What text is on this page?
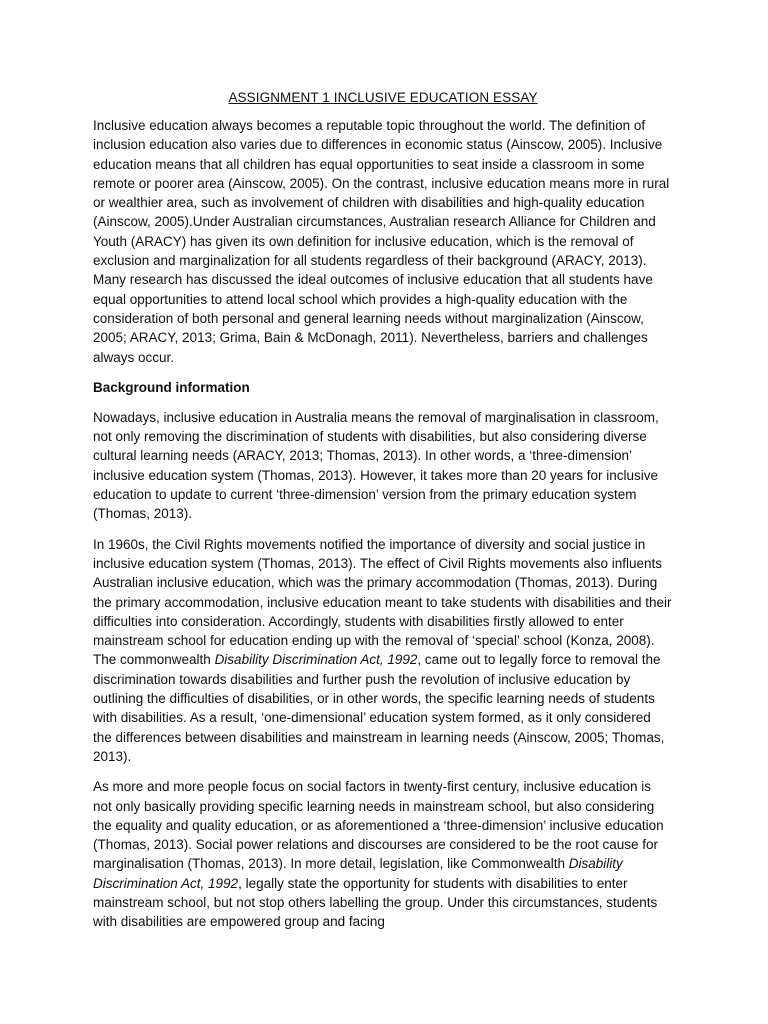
ASSIGNMENT 1 INCLUSIVE EDUCATION ESSAY

Inclusive education always becomes a reputable topic throughout the world. The definition of inclusion education also varies due to differences in economic status (Ainscow, 2005). Inclusive education means that all children has equal opportunities to seat inside a classroom in some remote or poorer area (Ainscow, 2005). On the contrast, inclusive education means more in rural or wealthier area, such as involvement of children with disabilities and high-quality education (Ainscow, 2005).Under Australian circumstances, Australian research Alliance for Children and Youth (ARACY) has given its own definition for inclusive education, which is the removal of exclusion and marginalization for all students regardless of their background (ARACY, 2013). Many research has discussed the ideal outcomes of inclusive education that all students have equal opportunities to attend local school which provides a high-quality education with the consideration of both personal and general learning needs without marginalization (Ainscow, 2005; ARACY, 2013; Grima, Bain & McDonagh, 2011). Nevertheless, barriers and challenges always occur.

Background information

Nowadays, inclusive education in Australia means the removal of marginalisation in classroom, not only removing the discrimination of students with disabilities, but also considering diverse cultural learning needs (ARACY, 2013; Thomas, 2013). In other words, a ‘three-dimension’ inclusive education system (Thomas, 2013). However, it takes more than 20 years for inclusive education to update to current ‘three-dimension’ version from the primary education system (Thomas, 2013).

In 1960s, the Civil Rights movements notified the importance of diversity and social justice in inclusive education system (Thomas, 2013). The effect of Civil Rights movements also influents Australian inclusive education, which was the primary accommodation (Thomas, 2013). During the primary accommodation, inclusive education meant to take students with disabilities and their difficulties into consideration. Accordingly, students with disabilities firstly allowed to enter mainstream school for education ending up with the removal of ‘special’ school (Konza, 2008). The commonwealth Disability Discrimination Act, 1992, came out to legally force to removal the discrimination towards disabilities and further push the revolution of inclusive education by outlining the difficulties of disabilities, or in other words, the specific learning needs of students with disabilities. As a result, ‘one-dimensional’ education system formed, as it only considered the differences between disabilities and mainstream in learning needs (Ainscow, 2005; Thomas, 2013).

As more and more people focus on social factors in twenty-first century, inclusive education is not only basically providing specific learning needs in mainstream school, but also considering the equality and quality education, or as aforementioned a ‘three-dimension’ inclusive education (Thomas, 2013). Social power relations and discourses are considered to be the root cause for marginalisation (Thomas, 2013). In more detail, legislation, like Commonwealth Disability Discrimination Act, 1992, legally state the opportunity for students with disabilities to enter mainstream school, but not stop others labelling the group. Under this circumstances, students with disabilities are empowered group and facing
